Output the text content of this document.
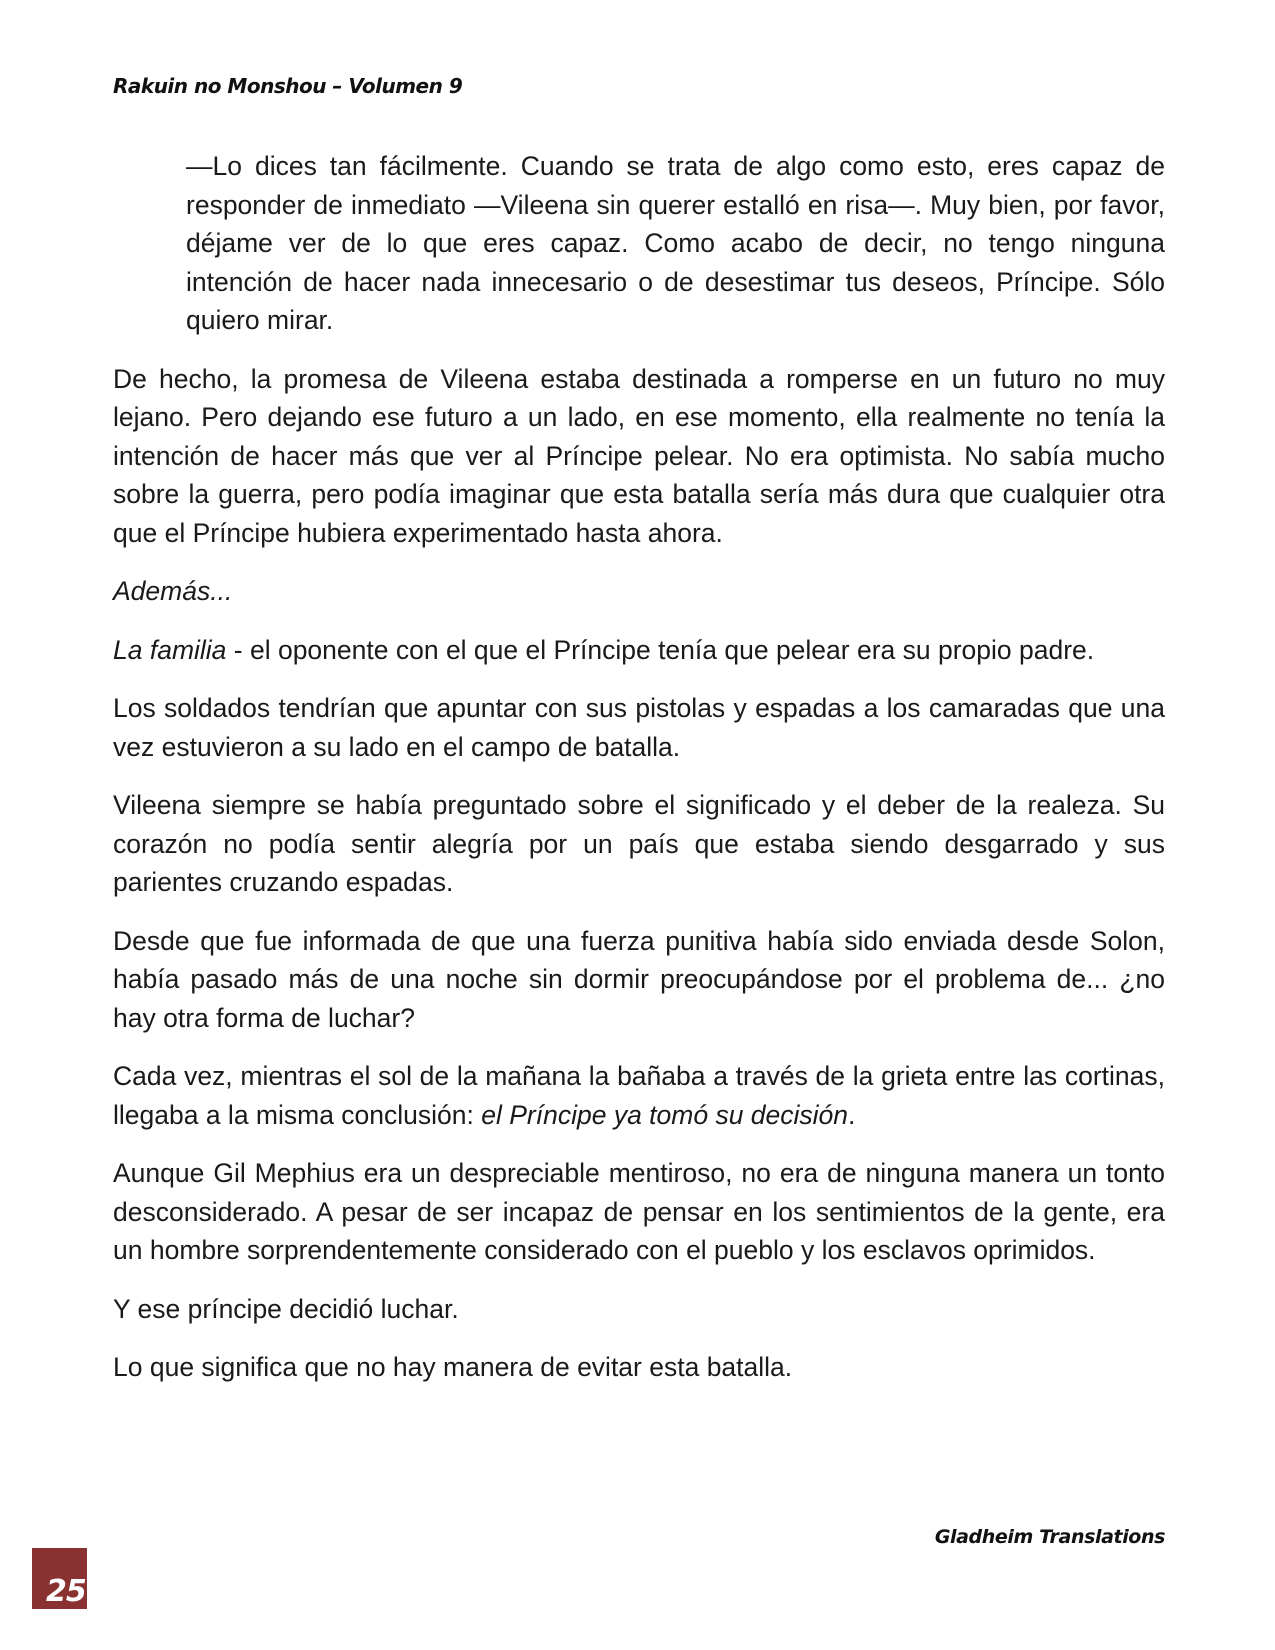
Rakuin no Monshou – Volumen 9

—Lo dices tan fácilmente. Cuando se trata de algo como esto, eres capaz de responder de inmediato —Vileena sin querer estalló en risa—. Muy bien, por favor, déjame ver de lo que eres capaz. Como acabo de decir, no tengo ninguna intención de hacer nada innecesario o de desestimar tus deseos, Príncipe. Sólo quiero mirar.

De hecho, la promesa de Vileena estaba destinada a romperse en un futuro no muy lejano. Pero dejando ese futuro a un lado, en ese momento, ella realmente no tenía la intención de hacer más que ver al Príncipe pelear. No era optimista. No sabía mucho sobre la guerra, pero podía imaginar que esta batalla sería más dura que cualquier otra que el Príncipe hubiera experimentado hasta ahora.

Además...

La familia - el oponente con el que el Príncipe tenía que pelear era su propio padre.

Los soldados tendrían que apuntar con sus pistolas y espadas a los camaradas que una vez estuvieron a su lado en el campo de batalla.

Vileena siempre se había preguntado sobre el significado y el deber de la realeza. Su corazón no podía sentir alegría por un país que estaba siendo desgarrado y sus parientes cruzando espadas.

Desde que fue informada de que una fuerza punitiva había sido enviada desde Solon, había pasado más de una noche sin dormir preocupándose por el problema de... ¿no hay otra forma de luchar?

Cada vez, mientras el sol de la mañana la bañaba a través de la grieta entre las cortinas, llegaba a la misma conclusión: el Príncipe ya tomó su decisión.

Aunque Gil Mephius era un despreciable mentiroso, no era de ninguna manera un tonto desconsiderado. A pesar de ser incapaz de pensar en los sentimientos de la gente, era un hombre sorprendentemente considerado con el pueblo y los esclavos oprimidos.

Y ese príncipe decidió luchar.

Lo que significa que no hay manera de evitar esta batalla.

Gladheim Translations
25
